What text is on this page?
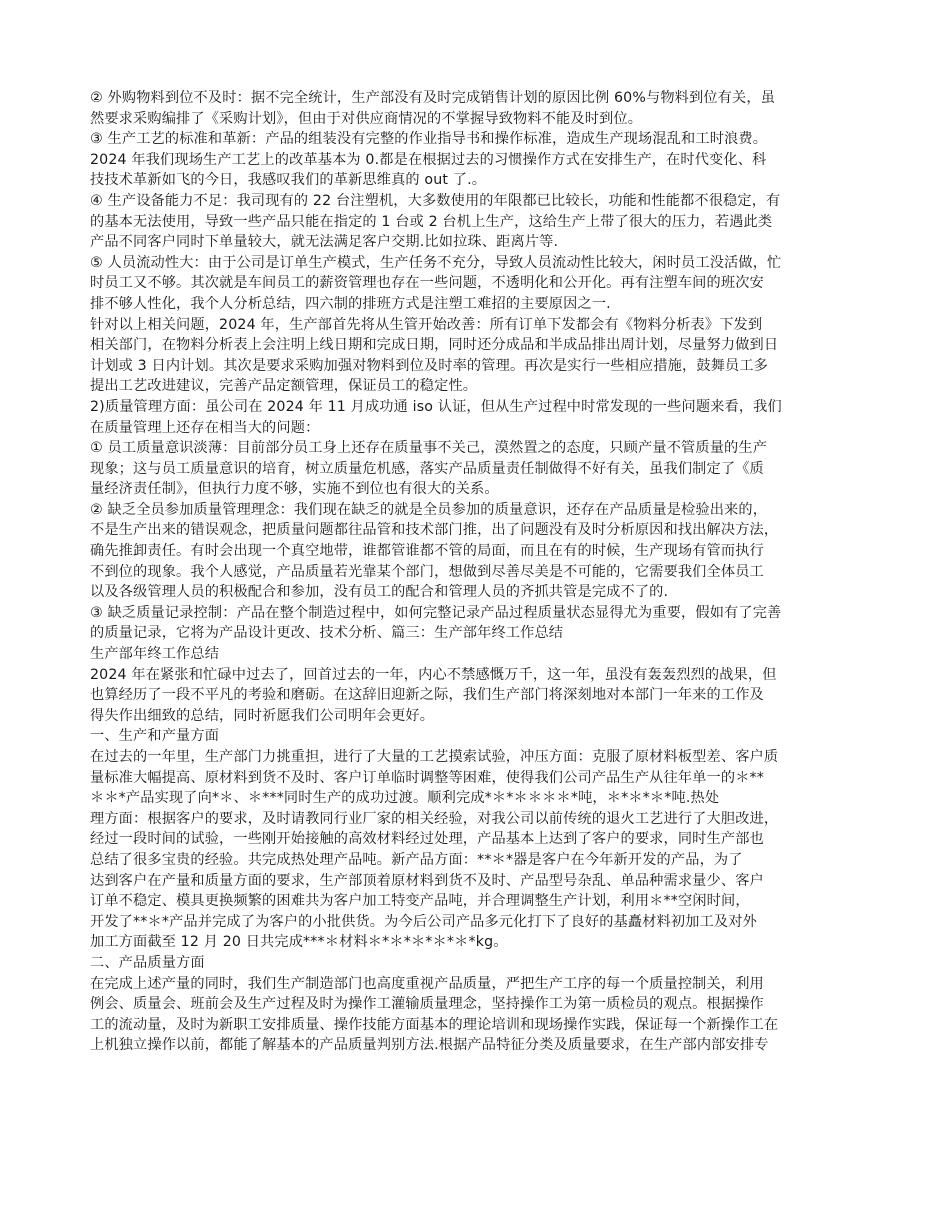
② 外购物料到位不及时：据不完全统计，生产部没有及时完成销售计划的原因比例 60%与物料到位有关，虽
然要求采购编排了《采购计划》，但由于对供应商情况的不掌握导致物料不能及时到位。
③ 生产工艺的标准和革新：产品的组装没有完整的作业指导书和操作标准，造成生产现场混乱和工时浪费。
2024 年我们现场生产工艺上的改革基本为 0.都是在根据过去的习惯操作方式在安排生产，在时代变化、科
技技术革新如飞的今日，我感叹我们的革新思维真的 out 了.。
④ 生产设备能力不足：我司现有的 22 台注塑机，大多数使用的年限都已比较长，功能和性能都不很稳定，有
的基本无法使用，导致一些产品只能在指定的 1 台或 2 台机上生产，这给生产上带了很大的压力，若遇此类
产品不同客户同时下单量较大，就无法满足客户交期.比如拉珠、距离片等.
⑤ 人员流动性大：由于公司是订单生产模式，生产任务不充分，导致人员流动性比较大，闲时员工没活做，忙
时员工又不够。其次就是车间员工的薪资管理也存在一些问题，不透明化和公开化。再有注塑车间的班次安
排不够人性化，我个人分析总结，四六制的排班方式是注塑工难招的主要原因之一.
针对以上相关问题，2024 年，生产部首先将从生管开始改善：所有订单下发都会有《物料分析表》下发到
相关部门，在物料分析表上会注明上线日期和完成日期，同时还分成品和半成品排出周计划，尽量努力做到日
计划或 3 日内计划。其次是要求采购加强对物料到位及时率的管理。再次是实行一些相应措施，鼓舞员工多
提出工艺改进建议，完善产品定额管理，保证员工的稳定性。
2)质量管理方面：虽公司在 2024 年 11 月成功通 iso 认证，但从生产过程中时常发现的一些问题来看，我们
在质量管理上还存在相当大的问题：
① 员工质量意识淡薄：目前部分员工身上还存在质量事不关己，漠然置之的态度，只顾产量不管质量的生产
现象；这与员工质量意识的培育，树立质量危机感，落实产品质量责任制做得不好有关，虽我们制定了《质
量经济责任制》，但执行力度不够，实施不到位也有很大的关系。
② 缺乏全员参加质量管理理念：我们现在缺乏的就是全员参加的质量意识，还存在产品质量是检验出来的，
不是生产出来的错误观念，把质量问题都往品管和技术部门推，出了问题没有及时分析原因和找出解决方法，
确先推卸责任。有时会出现一个真空地带，谁都管谁都不管的局面，而且在有的时候，生产现场有管而执行
不到位的现象。我个人感觉，产品质量若光靠某个部门，想做到尽善尽美是不可能的，它需要我们全体员工
以及各级管理人员的积极配合和参加，没有员工的配合和管理人员的齐抓共管是完成不了的.
③ 缺乏质量记录控制：产品在整个制造过程中，如何完整记录产品过程质量状态显得尤为重要，假如有了完善
的质量记录，它将为产品设计更改、技术分析、篇三：生产部年终工作总结
生产部年终工作总结
2024 年在紧张和忙碌中过去了，回首过去的一年，内心不禁感慨万千，这一年，虽没有轰轰烈烈的战果，但
也算经历了一段不平凡的考验和磨砺。在这辞旧迎新之际，我们生产部门将深刻地对本部门一年来的工作及
得失作出细致的总结，同时祈愿我们公司明年会更好。
一、生产和产量方面
在过去的一年里，生产部门力挑重担，进行了大量的工艺摸索试验，冲压方面：克服了原材料板型差、客户质
量标准大幅提高、原材料到货不及时、客户订单临时调整等困难，使得我们公司产品生产从往年单一的＊**
＊＊*产品实现了向*＊、＊***同时生产的成功过渡。顺利完成*＊*＊＊＊＊*吨，＊*＊*＊*吨.热处
理方面：根据客户的要求，及时请教同行业厂家的相关经验，对我公司以前传统的退火工艺进行了大胆改进，
经过一段时间的试验，一些刚开始接触的高效材料经过处理，产品基本上达到了客户的要求，同时生产部也
总结了很多宝贵的经验。共完成热处理产品吨。新产品方面：**＊*器是客户在今年新开发的产品，为了
达到客户在产量和质量方面的要求，生产部顶着原材料到货不及时、产品型号杂乱、单品种需求量少、客户
订单不稳定、模具更换频繁的困难共为客户加工特变产品吨，并合理调整生产计划，利用＊**空闲时间，
开发了**＊*产品并完成了为客户的小批供货。为今后公司产品多元化打下了良好的基矗材料初加工及对外
加工方面截至 12 月 20 日共完成***＊材料＊*＊*＊*＊*＊*kg。
二、产品质量方面
在完成上述产量的同时，我们生产制造部门也高度重视产品质量，严把生产工序的每一个质量控制关，利用
例会、质量会、班前会及生产过程及时为操作工灌输质量理念，坚持操作工为第一质检员的观点。根据操作
工的流动量，及时为新职工安排质量、操作技能方面基本的理论培训和现场操作实践，保证每一个新操作工在
上机独立操作以前，都能了解基本的产品质量判别方法.根据产品特征分类及质量要求，在生产部内部安排专
